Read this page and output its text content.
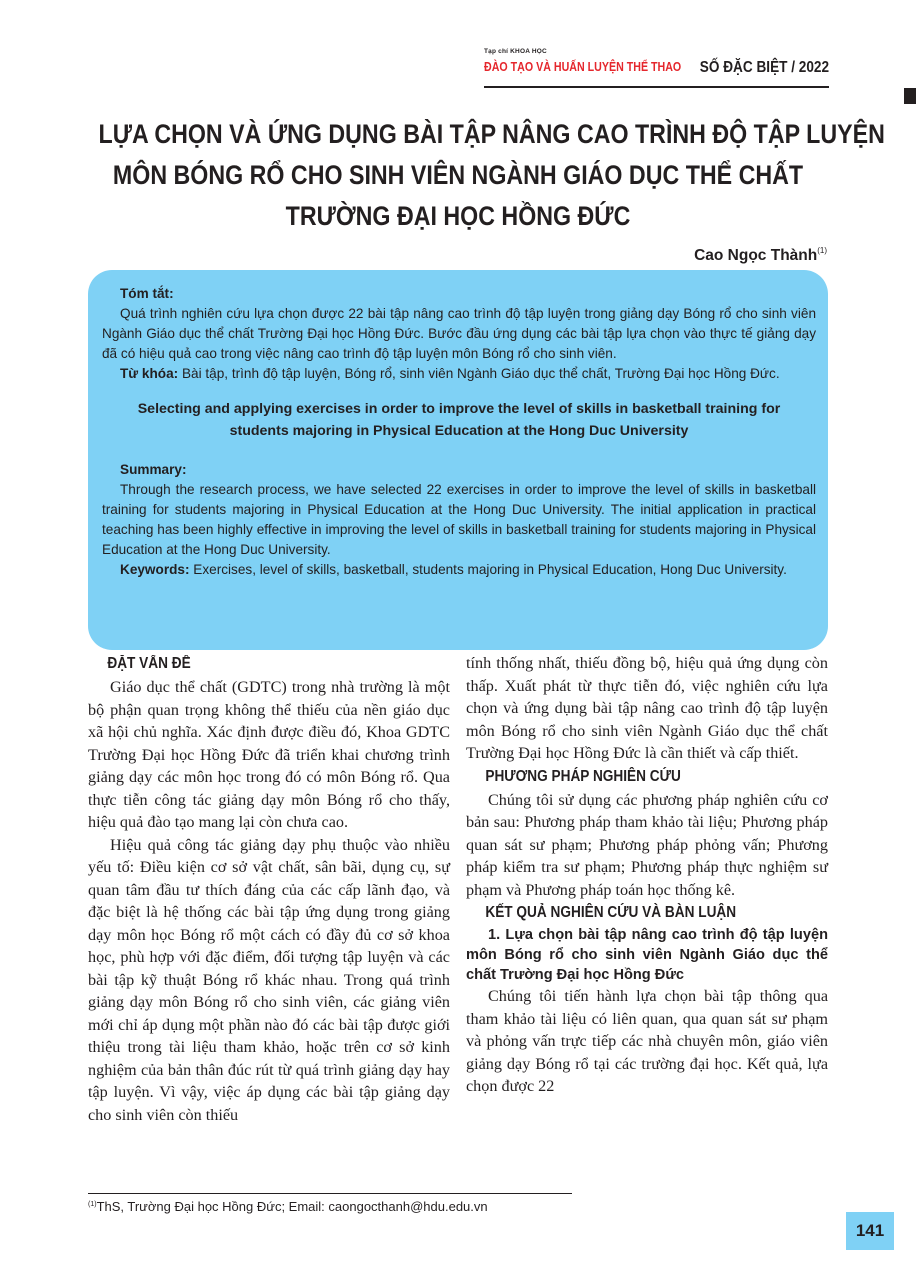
Tạp chí KHOA HỌC
ĐÀO TẠO VÀ HUẤN LUYỆN THỂ THAO SỐ ĐẶC BIỆT / 2022
LỰA CHỌN VÀ ỨNG DỤNG BÀI TẬP NÂNG CAO TRÌNH ĐỘ TẬP LUYỆN
MÔN BÓNG RỔ CHO SINH VIÊN NGÀNH GIÁO DỤC THỂ CHẤT
TRƯỜNG ĐẠI HỌC HỒNG ĐỨC
Cao Ngọc Thành$^{(1)}$

Tóm tắt:

Quá trình nghiên cứu lựa chọn được 22 bài tập nâng cao trình độ tập luyện trong giảng dạy Bóng rổ cho sinh viên Ngành Giáo dục thể chất Trường Đại học Hồng Đức. Bước đầu ứng dụng các bài tập lựa chọn vào thực tế giảng dạy đã có hiệu quả cao trong việc nâng cao trình độ tập luyện môn Bóng rổ cho sinh viên.

Từ khóa: Bài tập, trình độ tập luyện, Bóng rổ, sinh viên Ngành Giáo dục thể chất, Trường Đại học Hồng Đức.

Selecting and applying exercises in order to improve the level of skills in basketball training for students majoring in Physical Education at the Hong Duc University

Summary:

Through the research process, we have selected 22 exercises in order to improve the level of skills in basketball training for students majoring in Physical Education at the Hong Duc University. The initial application in practical teaching has been highly effective in improving the level of skills in basketball training for students majoring in Physical Education at the Hong Duc University.

Keywords: Exercises, level of skills, basketball, students majoring in Physical Education, Hong Duc University.

ĐẶT VẤN ĐỀ

Giáo dục thể chất (GDTC) trong nhà trường là một bộ phận quan trọng không thể thiếu của nền giáo dục xã hội chủ nghĩa. Xác định được điều đó, Khoa GDTC Trường Đại học Hồng Đức đã triển khai chương trình giảng dạy các môn học trong đó có môn Bóng rổ. Qua thực tiễn công tác giảng dạy môn Bóng rổ cho thấy, hiệu quả đào tạo mang lại còn chưa cao.

Hiệu quả công tác giảng dạy phụ thuộc vào nhiều yếu tố: Điều kiện cơ sở vật chất, sân bãi, dụng cụ, sự quan tâm đầu tư thích đáng của các cấp lãnh đạo, và đặc biệt là hệ thống các bài tập ứng dụng trong giảng dạy môn học Bóng rổ một cách có đầy đủ cơ sở khoa học, phù hợp với đặc điểm, đối tượng tập luyện và các bài tập kỹ thuật Bóng rổ khác nhau. Trong quá trình giảng dạy môn Bóng rổ cho sinh viên, các giảng viên mới chỉ áp dụng một phần nào đó các bài tập được giới thiệu trong tài liệu tham khảo, hoặc trên cơ sở kinh nghiệm của bản thân đúc rút từ quá trình giảng dạy hay tập luyện. Vì vậy, việc áp dụng các bài tập giảng dạy cho sinh viên còn thiếu

tính thống nhất, thiếu đồng bộ, hiệu quả ứng dụng còn thấp. Xuất phát từ thực tiễn đó, việc nghiên cứu lựa chọn và ứng dụng bài tập nâng cao trình độ tập luyện môn Bóng rổ cho sinh viên Ngành Giáo dục thể chất Trường Đại học Hồng Đức là cần thiết và cấp thiết.

PHƯƠNG PHÁP NGHIÊN CỨU

Chúng tôi sử dụng các phương pháp nghiên cứu cơ bản sau: Phương pháp tham khảo tài liệu; Phương pháp quan sát sư phạm; Phương pháp phỏng vấn; Phương pháp kiểm tra sư phạm; Phương pháp thực nghiệm sư phạm và Phương pháp toán học thống kê.

KẾT QUẢ NGHIÊN CỨU VÀ BÀN LUẬN

1. Lựa chọn bài tập nâng cao trình độ tập luyện môn Bóng rổ cho sinh viên Ngành Giáo dục thể chất Trường Đại học Hồng Đức

Chúng tôi tiến hành lựa chọn bài tập thông qua tham khảo tài liệu có liên quan, qua quan sát sư phạm và phỏng vấn trực tiếp các nhà chuyên môn, giáo viên giảng dạy Bóng rổ tại các trường đại học. Kết quả, lựa chọn được 22

$^{(1)}$ThS, Trường Đại học Hồng Đức; Email: caongocthanh@hdu.edu.vn
141
